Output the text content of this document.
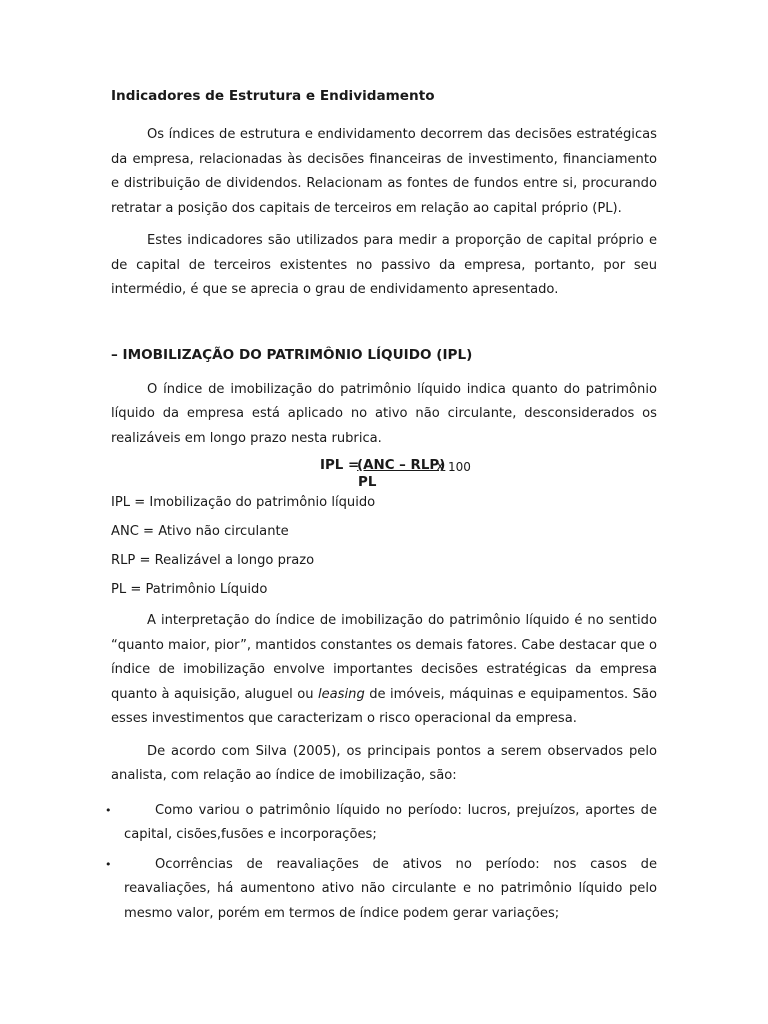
Indicadores de Estrutura e Endividamento

Os índices de estrutura e endividamento decorrem das decisões estratégicas da empresa, relacionadas às decisões financeiras de investimento, financiamento e distribuição de dividendos. Relacionam as fontes de fundos entre si, procurando retratar a posição dos capitais de terceiros em relação ao capital próprio (PL).

Estes indicadores são utilizados para medir a proporção de capital próprio e de capital de terceiros existentes no passivo da empresa, portanto, por seu intermédio, é que se aprecia o grau de endividamento apresentado.

– IMOBILIZAÇÃO DO PATRIMÔNIO LÍQUIDO (IPL)

O índice de imobilização do patrimônio líquido indica quanto do patrimônio líquido da empresa está aplicado no ativo não circulante, desconsiderados os realizáveis em longo prazo nesta rubrica.

IPL =
(ANC – RLP)
X 100
PL
IPL = Imobilização do patrimônio líquido
ANC = Ativo não circulante
RLP = Realizável a longo prazo
PL = Patrimônio Líquido

A interpretação do índice de imobilização do patrimônio líquido é no sentido “quanto maior, pior”, mantidos constantes os demais fatores. Cabe destacar que o índice de imobilização envolve importantes decisões estratégicas da empresa quanto à aquisição, aluguel ou leasing de imóveis, máquinas e equipamentos. São esses investimentos que caracterizam o risco operacional da empresa.

De acordo com Silva (2005), os principais pontos a serem observados pelo analista, com relação ao índice de imobilização, são:

•	Como variou o patrimônio líquido no período: lucros, prejuízos, aportes de capital, cisões,fusões e incorporações;
•	Ocorrências de reavaliações de ativos no período: nos casos de reavaliações, há aumentono ativo não circulante e no patrimônio líquido pelo mesmo valor, porém em termos de índice podem gerar variações;
